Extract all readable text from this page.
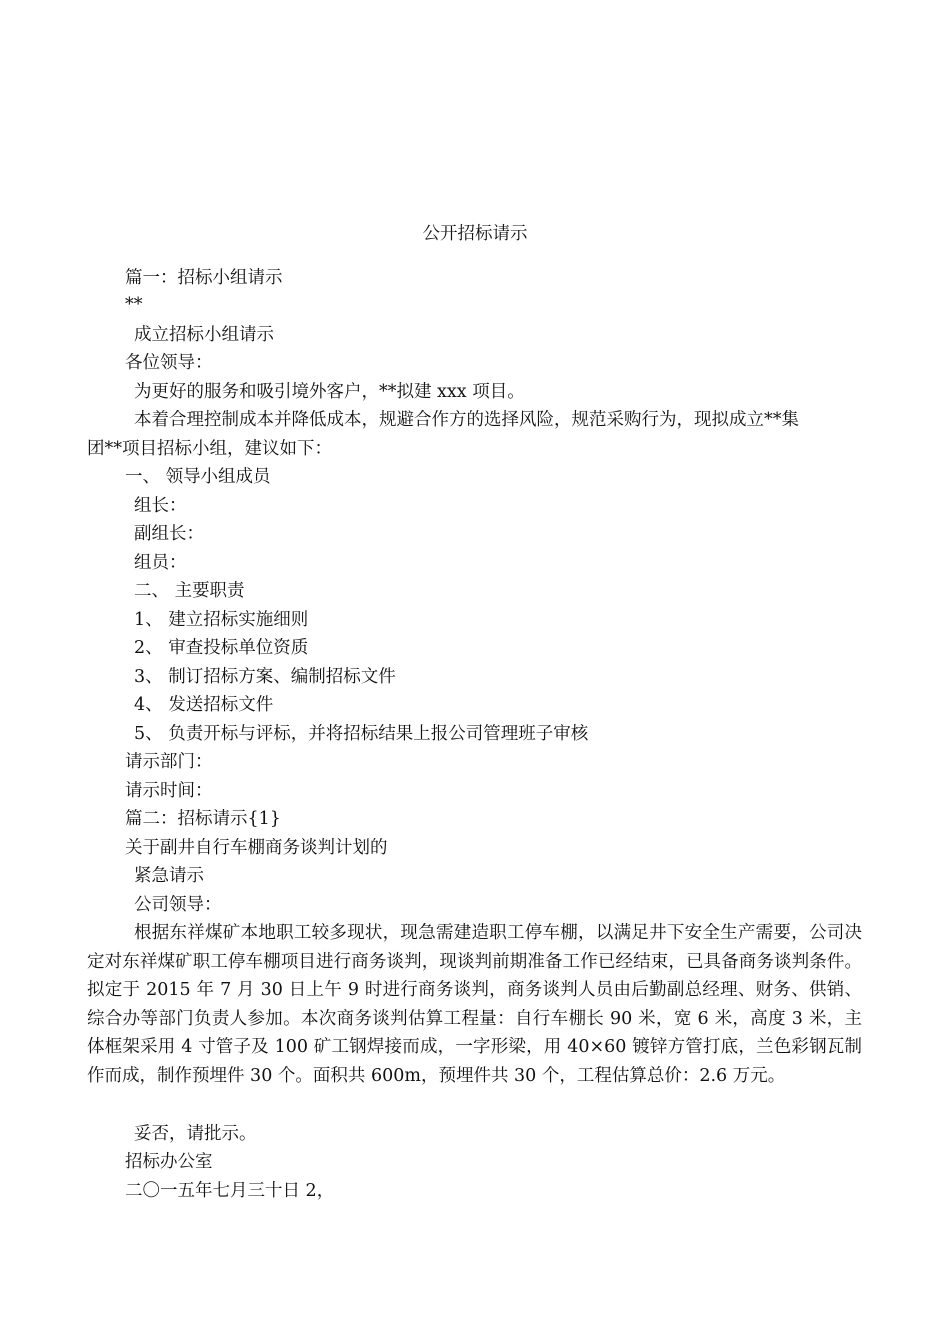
公开招标请示
篇一：招标小组请示
**
成立招标小组请示
各位领导：
为更好的服务和吸引境外客户，**拟建 xxx 项目。
本着合理控制成本并降低成本，规避合作方的选择风险，规范采购行为，现拟成立**集
团**项目招标小组，建议如下：
一、 领导小组成员
组长：
副组长：
组员：
二、 主要职责
1、 建立招标实施细则
2、 审查投标单位资质
3、 制订招标方案、编制招标文件
4、 发送招标文件
5、 负责开标与评标，并将招标结果上报公司管理班子审核
请示部门：
请示时间：
篇二：招标请示{1}
关于副井自行车棚商务谈判计划的
紧急请示
公司领导：
根据东祥煤矿本地职工较多现状，现急需建造职工停车棚，以满足井下安全生产需要，公司决定对东祥煤矿职工停车棚项目进行商务谈判，现谈判前期准备工作已经结束，已具备商务谈判条件。拟定于 2015 年 7 月 30 日上午 9 时进行商务谈判，商务谈判人员由后勤副总经理、财务、供销、综合办等部门负责人参加。本次商务谈判估算工程量：自行车棚长 90 米，宽 6 米，高度 3 米，主体框架采用 4 寸管子及 100 矿工钢焊接而成，一字形梁，用 40×60 镀锌方管打底，兰色彩钢瓦制作而成，制作预埋件 30 个。面积共 600m，预埋件共 30 个，工程估算总价：2.6 万元。
妥否，请批示。
招标办公室
二〇一五年七月三十日 2，
